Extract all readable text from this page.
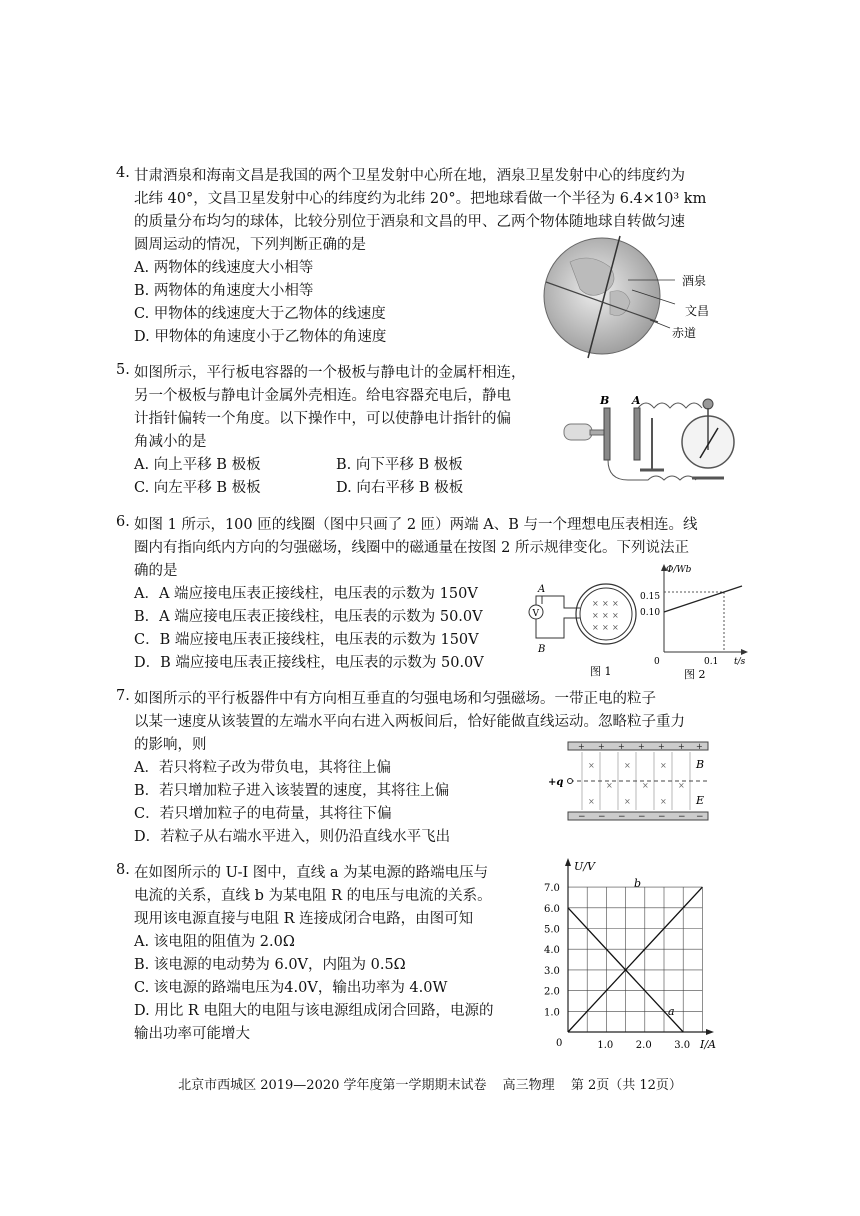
4. 甘肃酒泉和海南文昌是我国的两个卫星发射中心所在地，酒泉卫星发射中心的纬度约为
北纬 40°，文昌卫星发射中心的纬度约为北纬 20°。把地球看做一个半径为 6.4×10³ km
的质量分布均匀的球体，比较分别位于酒泉和文昌的甲、乙两个物体随地球自转做匀速
圆周运动的情况，下列判断正确的是
A. 两物体的线速度大小相等
B. 两物体的角速度大小相等
C. 甲物体的线速度大于乙物体的线速度
D. 甲物体的角速度小于乙物体的角速度
酒泉
文昌
赤道
5. 如图所示，平行板电容器的一个极板与静电计的金属杆相连，
另一个极板与静电计金属外壳相连。给电容器充电后，静电
计指针偏转一个角度。以下操作中，可以使静电计指针的偏
角减小的是
A. 向上平移 B 极板	B. 向下平移 B 极板
C. 向左平移 B 极板	D. 向右平移 B 极板
B A
6. 如图 1 所示，100 匝的线圈（图中只画了 2 匝）两端 A、B 与一个理想电压表相连。线
圈内有指向纸内方向的匀强磁场，线圈中的磁通量在按图 2 所示规律变化。下列说法正
确的是
A．A 端应接电压表正接线柱，电压表的示数为 150V
B．A 端应接电压表正接线柱，电压表的示数为 50.0V
C．B 端应接电压表正接线柱，电压表的示数为 150V
D．B 端应接电压表正接线柱，电压表的示数为 50.0V
A
B
V
× × ×
× × ×
× × ×
图 1
Φ/Wb
t/s
0
0.15
0.10
0.1
图 2
7. 如图所示的平行板器件中有方向相互垂直的匀强电场和匀强磁场。一带正电的粒子
以某一速度从该装置的左端水平向右进入两板间后，恰好能做直线运动。忽略粒子重力
的影响，则
A．若只将粒子改为带负电，其将往上偏
B．若只增加粒子进入该装置的速度，其将往上偏
C．若只增加粒子的电荷量，其将往下偏
D．若粒子从右端水平进入，则仍沿直线水平飞出
+ + + + + + +
− − − − − − −
×	×	×
×	×	×
×	×	×
+q
B
E
8. 在如图所示的 U-I 图中，直线 a 为某电源的路端电压与
电流的关系，直线 b 为某电阻 R 的电压与电流的关系。
现用该电源直接与电阻 R 连接成闭合电路，由图可知
A. 该电阻的阻值为 2.0Ω
B. 该电源的电动势为 6.0V，内阻为 0.5Ω
C. 该电源的路端电压为4.0V，输出功率为 4.0W
D. 用比 R 电阻大的电阻与该电源组成闭合回路，电源的
输出功率可能增大
U/V
I/A
0
1.0
2.0
3.0
4.0
5.0
6.0
7.0
1.0 2.0 3.0
a
b
北京市西城区 2019—2020 学年度第一学期期末试卷 高三物理 第 2页（共 12页）
